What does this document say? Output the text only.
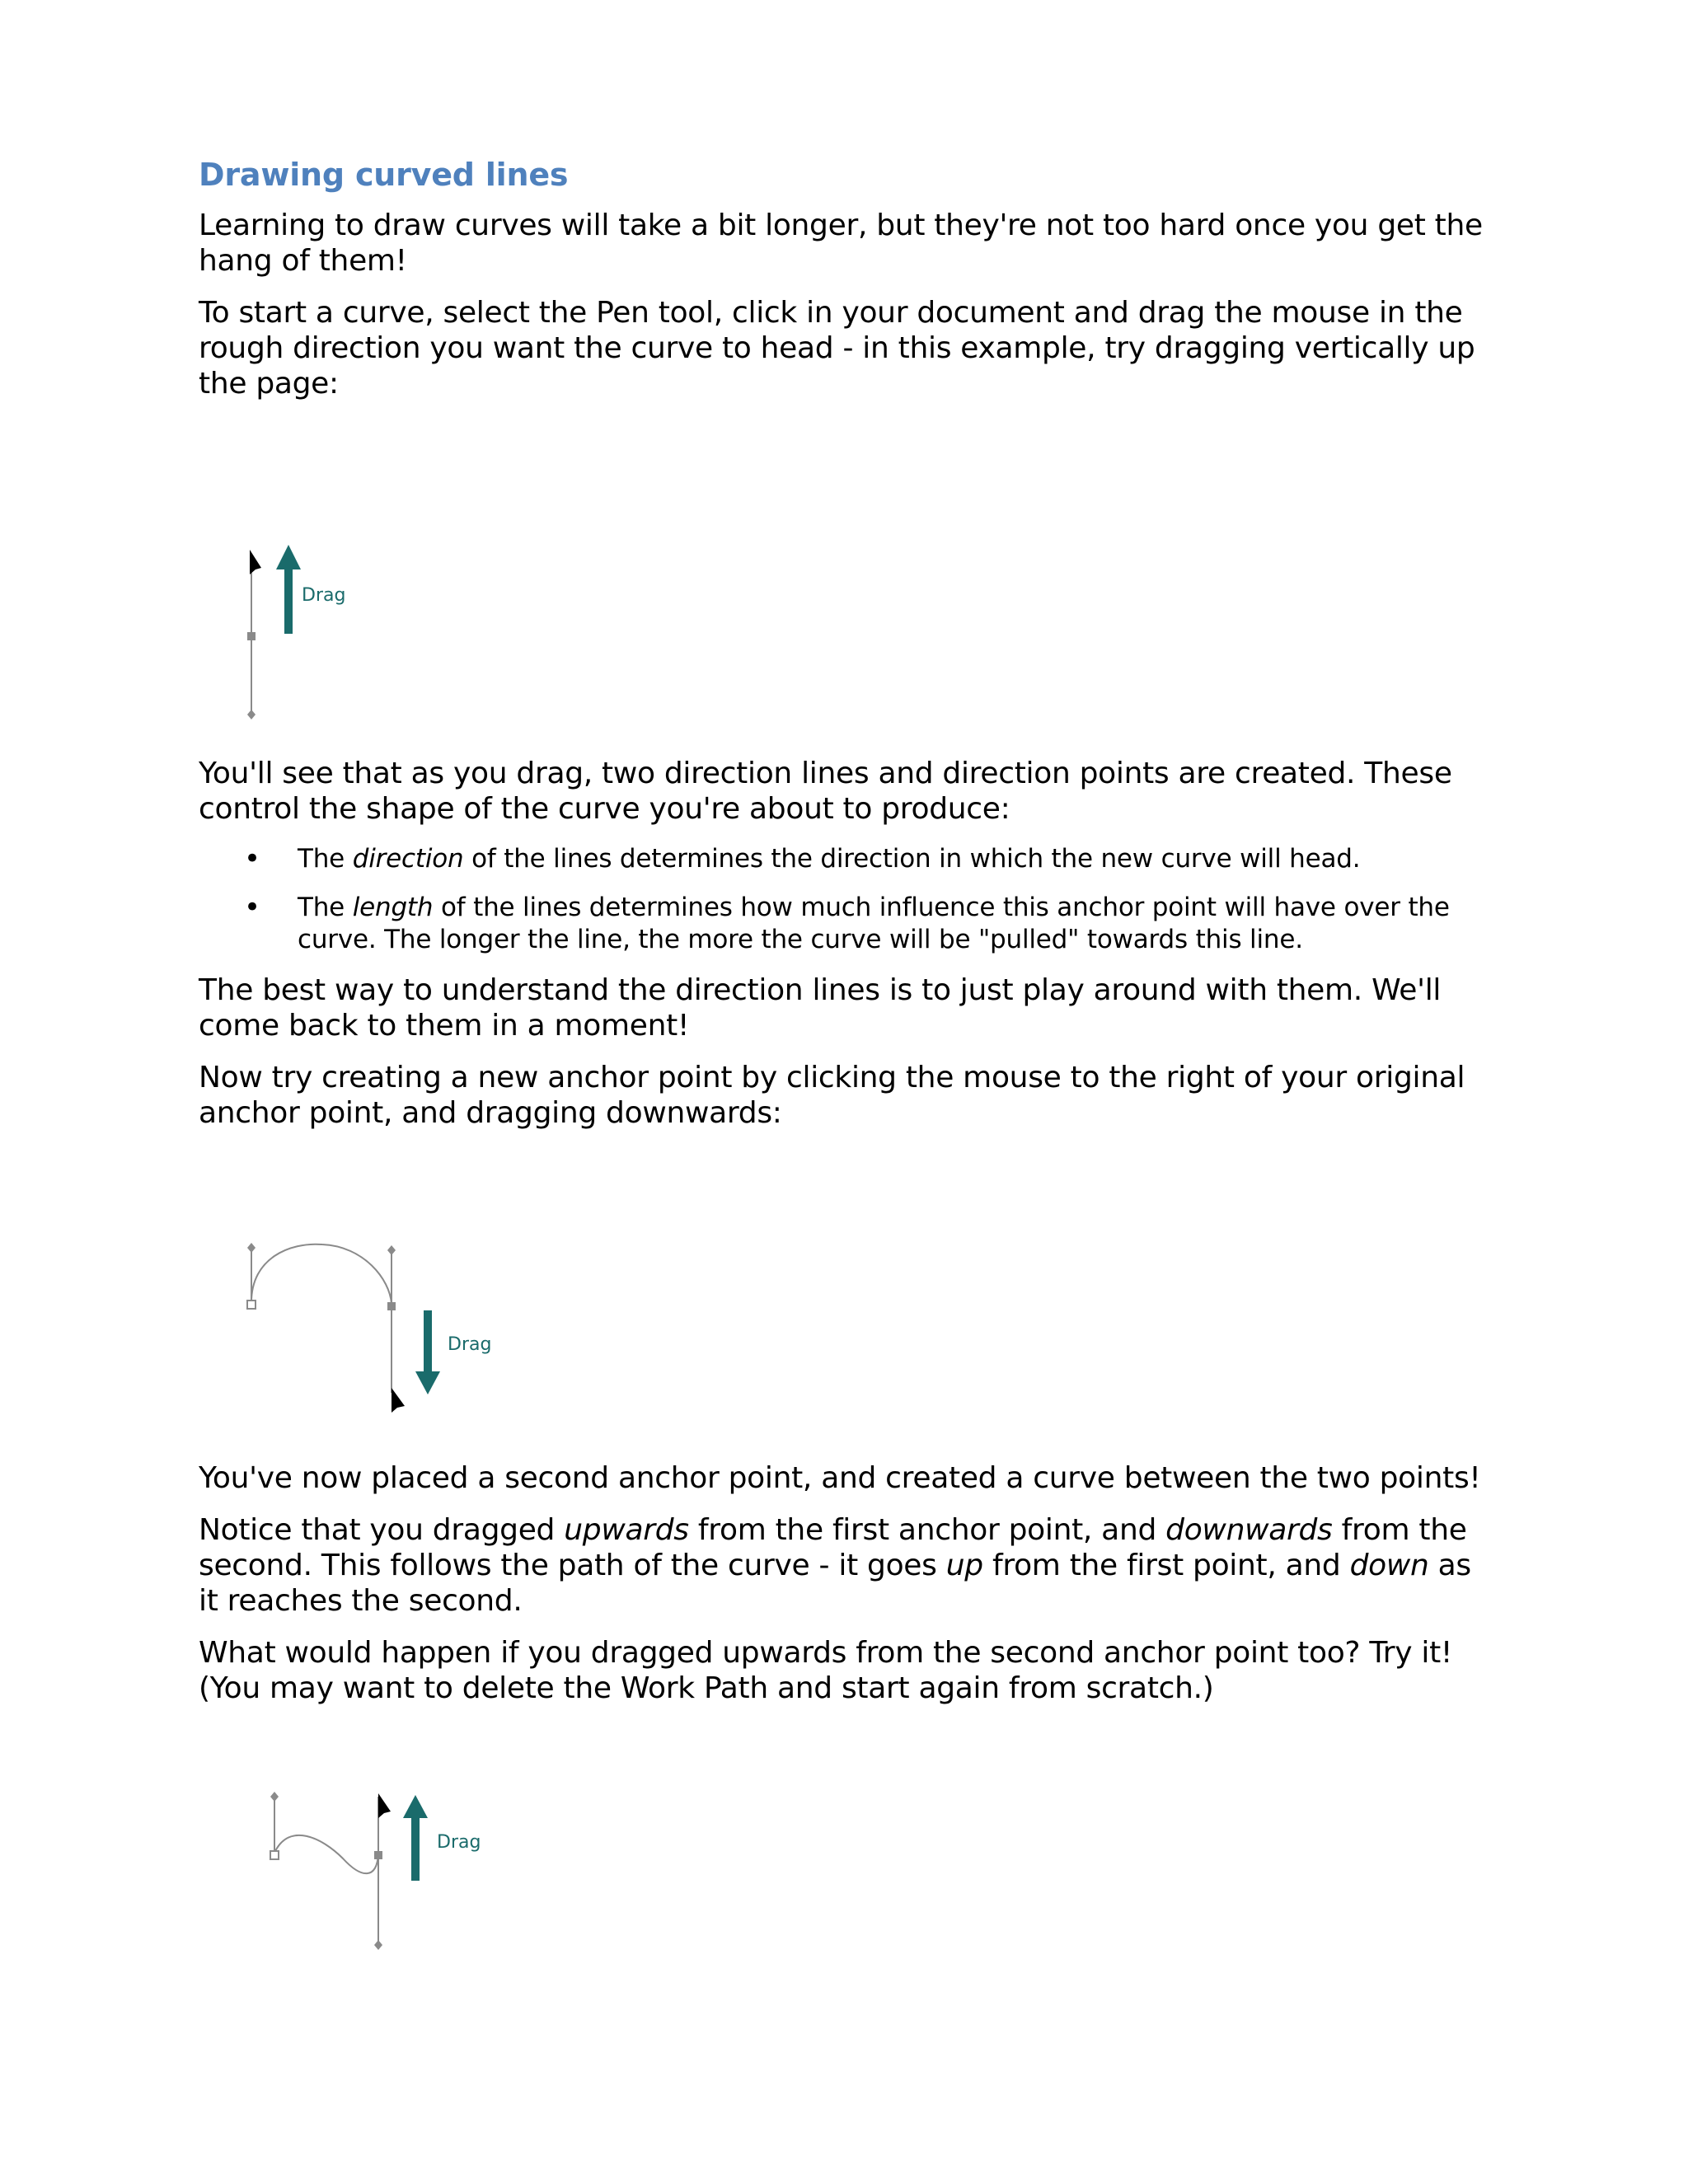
Drawing curved lines

Learning to draw curves will take a bit longer, but they're not too hard once you get the hang of them!

To start a curve, select the Pen tool, click in your document and drag the mouse in the rough direction you want the curve to head - in this example, try dragging vertically up the page:

Drag

You'll see that as you drag, two direction lines and direction points are created. These control the shape of the curve you're about to produce:

• The direction of the lines determines the direction in which the new curve will head.
• The length of the lines determines how much influence this anchor point will have over the curve. The longer the line, the more the curve will be "pulled" towards this line.

The best way to understand the direction lines is to just play around with them. We'll come back to them in a moment!

Now try creating a new anchor point by clicking the mouse to the right of your original anchor point, and dragging downwards:

Drag

You've now placed a second anchor point, and created a curve between the two points!

Notice that you dragged upwards from the first anchor point, and downwards from the second. This follows the path of the curve - it goes up from the first point, and down as it reaches the second.

What would happen if you dragged upwards from the second anchor point too? Try it! (You may want to delete the Work Path and start again from scratch.)

Drag
